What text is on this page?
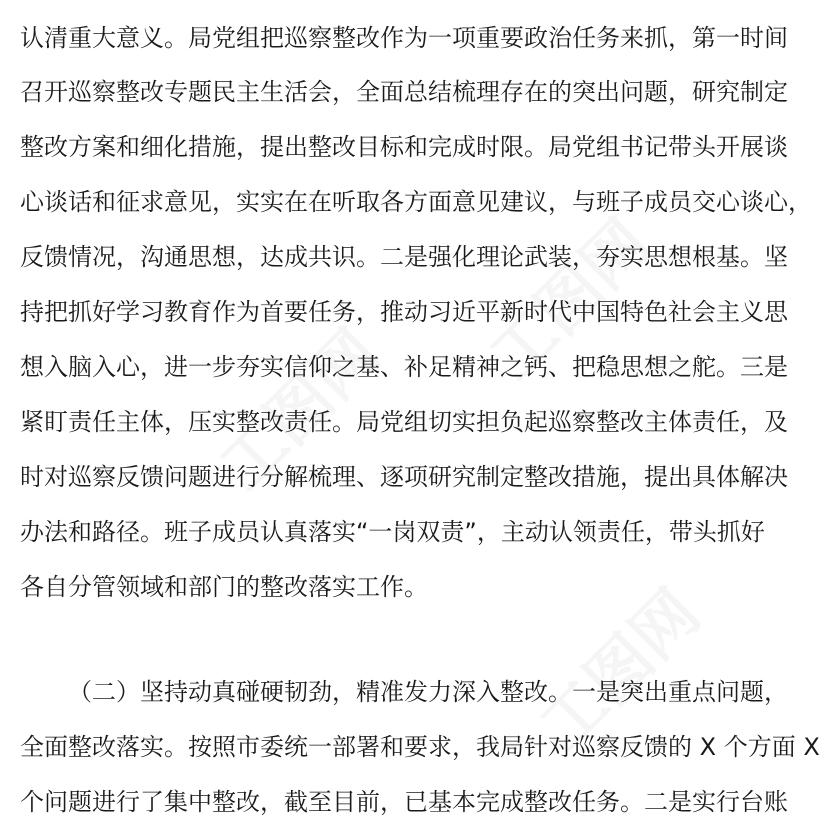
工图网
工图网
工图网
认清重大意义。局党组把巡察整改作为一项重要政治任务来抓，第一时间
召开巡察整改专题民主生活会，全面总结梳理存在的突出问题，研究制定
整改方案和细化措施，提出整改目标和完成时限。局党组书记带头开展谈
心谈话和征求意见，实实在在听取各方面意见建议，与班子成员交心谈心，
反馈情况，沟通思想，达成共识。二是强化理论武装，夯实思想根基。坚
持把抓好学习教育作为首要任务，推动习近平新时代中国特色社会主义思
想入脑入心，进一步夯实信仰之基、补足精神之钙、把稳思想之舵。三是
紧盯责任主体，压实整改责任。局党组切实担负起巡察整改主体责任，及
时对巡察反馈问题进行分解梳理、逐项研究制定整改措施，提出具体解决
办法和路径。班子成员认真落实“一岗双责”，主动认领责任，带头抓好
各自分管领域和部门的整改落实工作。
（二）坚持动真碰硬韧劲，精准发力深入整改。一是突出重点问题，
全面整改落实。按照市委统一部署和要求，我局针对巡察反馈的 X 个方面 X
个问题进行了集中整改，截至目前，已基本完成整改任务。二是实行台账
